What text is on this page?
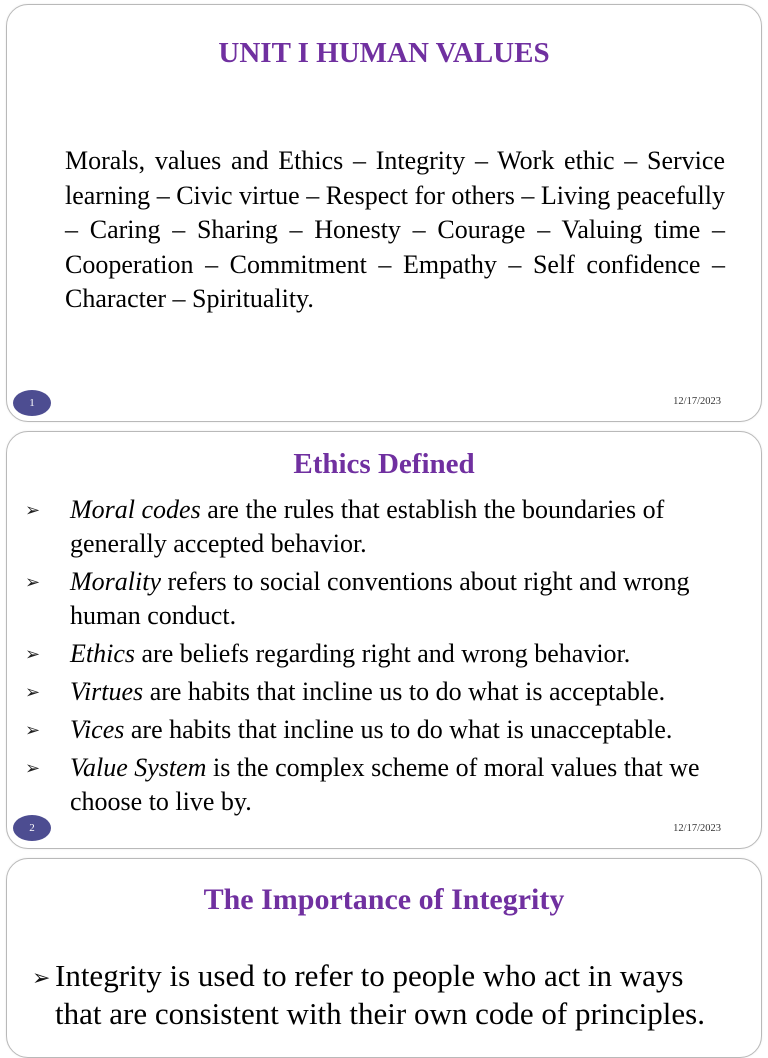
UNIT I HUMAN VALUES

Morals, values and Ethics – Integrity – Work ethic – Service learning – Civic virtue – Respect for others – Living peacefully – Caring – Sharing – Honesty – Courage – Valuing time – Cooperation – Commitment – Empathy – Self confidence – Character – Spirituality.

1	12/17/2023
Ethics Defined
➢ Moral codes are the rules that establish the boundaries of generally accepted behavior.
➢ Morality refers to social conventions about right and wrong human conduct.
➢ Ethics are beliefs regarding right and wrong behavior.
➢ Virtues are habits that incline us to do what is acceptable.
➢ Vices are habits that incline us to do what is unacceptable.
➢ Value System is the complex scheme of moral values that we choose to live by.
2	12/17/2023
The Importance of Integrity
➢ Integrity is used to refer to people who act in ways that are consistent with their own code of principles.
